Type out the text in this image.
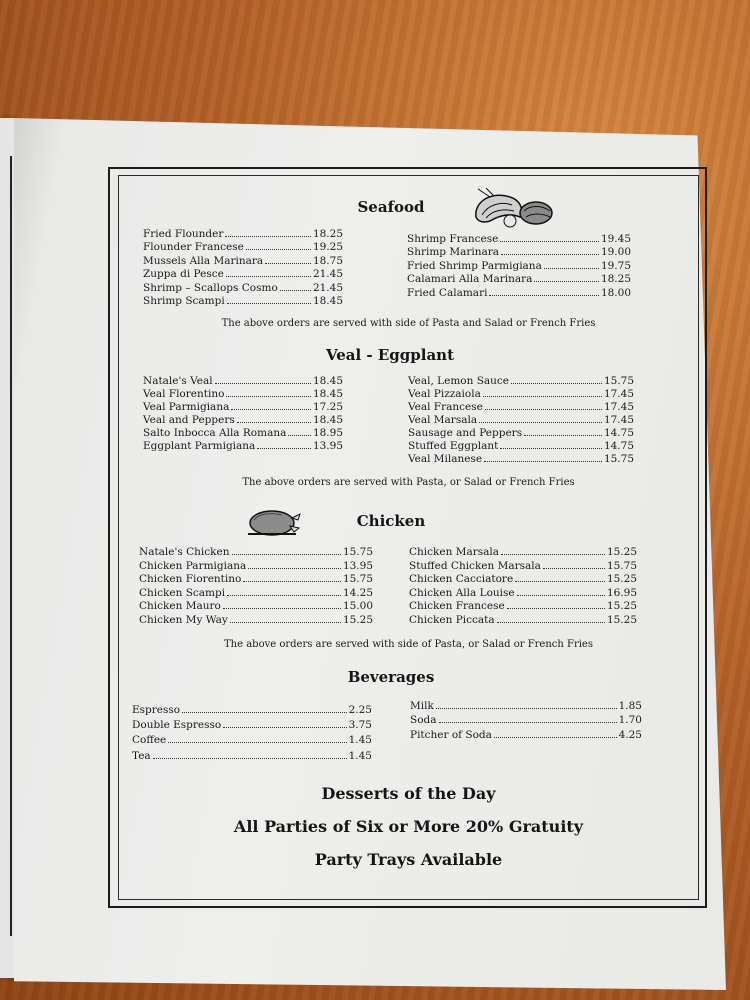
Seafood
Fried Flounder	18.25
Flounder Francese	19.25
Mussels Alla Marinara	18.75
Zuppa di Pesce	21.45
Shrimp – Scallops Cosmo	21.45
Shrimp Scampi	18.45
Shrimp Francese	19.45
Shrimp Marinara	19.00
Fried Shrimp Parmigiana	19.75
Calamari Alla Marinara	18.25
Fried Calamari	18.00
The above orders are served with side of Pasta and Salad or French Fries
Veal - Eggplant
Natale's Veal	18.45
Veal Florentino	18.45
Veal Parmigiana	17.25
Veal and Peppers	18.45
Salto Inbocca Alla Romana	18.95
Eggplant Parmigiana	13.95
Veal, Lemon Sauce	15.75
Veal Pizzaiola	17.45
Veal Francese	17.45
Veal Marsala	17.45
Sausage and Peppers	14.75
Stuffed Eggplant	14.75
Veal Milanese	15.75
The above orders are served with Pasta, or Salad or French Fries
Chicken
Natale's Chicken	15.75
Chicken Parmigiana	13.95
Chicken Fiorentino	15.75
Chicken Scampi	14.25
Chicken Mauro	15.00
Chicken My Way	15.25
Chicken Marsala	15.25
Stuffed Chicken Marsala	15.75
Chicken Cacciatore	15.25
Chicken Alla Louise	16.95
Chicken Francese	15.25
Chicken Piccata	15.25
The above orders are served with side of Pasta, or Salad or French Fries
Beverages
Espresso	2.25
Double Espresso	3.75
Coffee	1.45
Tea	1.45
Milk	1.85
Soda	1.70
Pitcher of Soda	4.25
Desserts of the Day
All Parties of Six or More 20% Gratuity
Party Trays Available
